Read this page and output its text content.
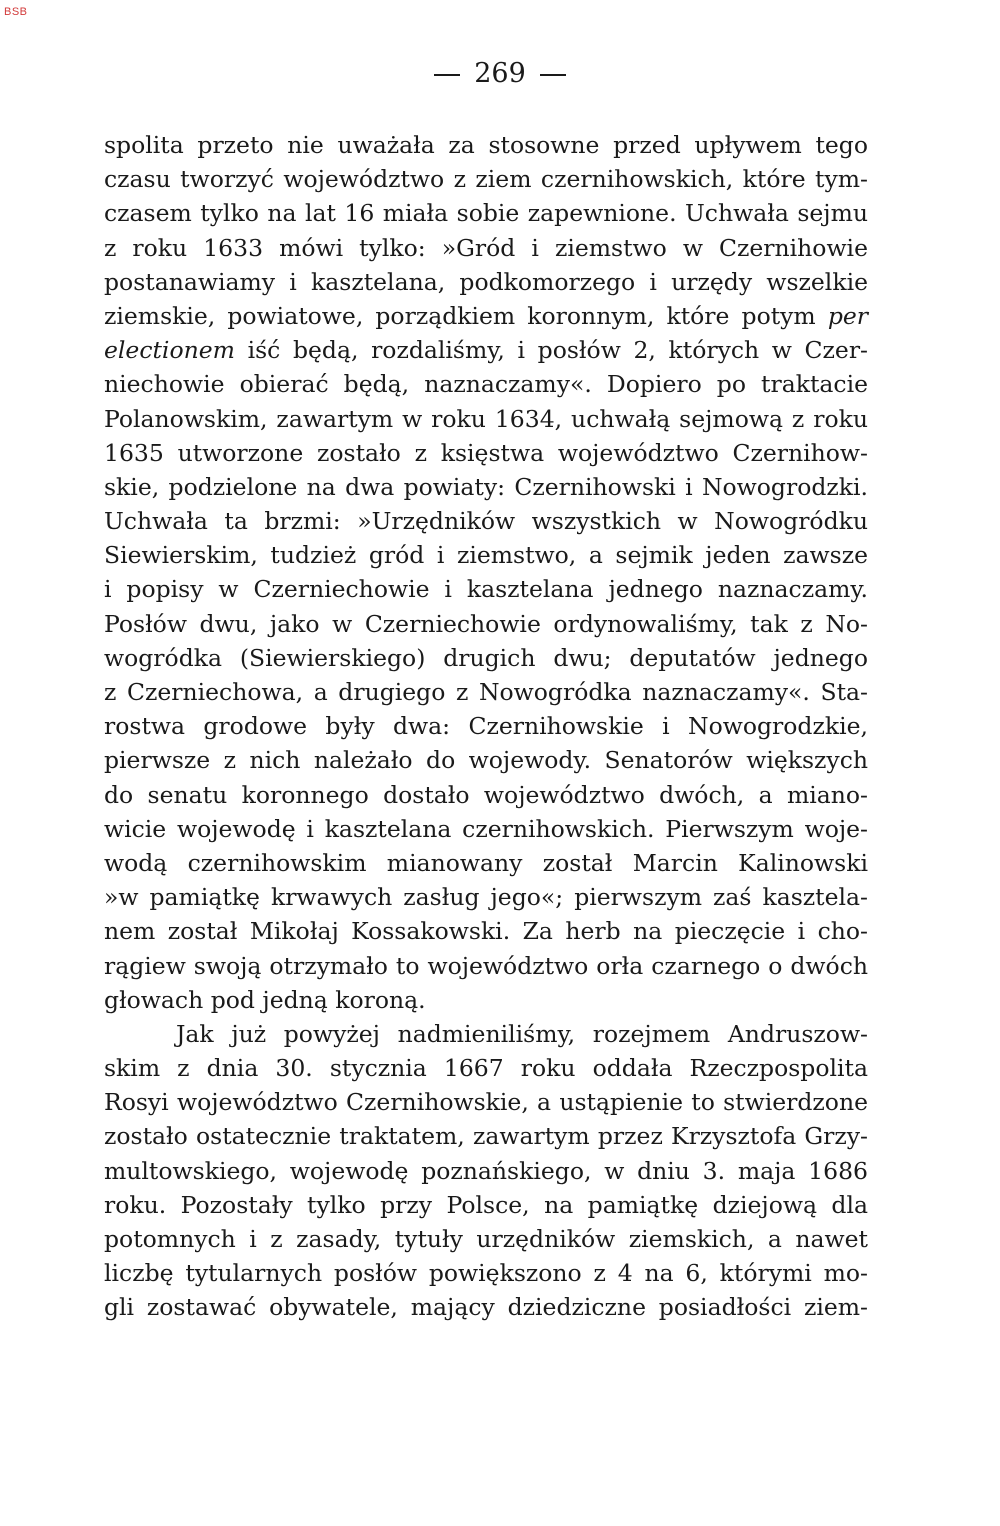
BSB
269
spolita przeto nie uważała za stosowne przed upływem tego
czasu tworzyć województwo z ziem czernihowskich, które tym-
czasem tylko na lat 16 miała sobie zapewnione. Uchwała sejmu
z roku 1633 mówi tylko: »Gród i ziemstwo w Czernihowie
postanawiamy i kasztelana, podkomorzego i urzędy wszelkie
ziemskie, powiatowe, porządkiem koronnym, które potym per
electionem iść będą, rozdaliśmy, i posłów 2, których w Czer-
niechowie obierać będą, naznaczamy«. Dopiero po traktacie
Polanowskim, zawartym w roku 1634, uchwałą sejmową z roku
1635 utworzone zostało z księstwa województwo Czernihow-
skie, podzielone na dwa powiaty: Czernihowski i Nowogrodzki.
Uchwała ta brzmi: »Urzędników wszystkich w Nowogródku
Siewierskim, tudzież gród i ziemstwo, a sejmik jeden zawsze
i popisy w Czerniechowie i kasztelana jednego naznaczamy.
Posłów dwu, jako w Czerniechowie ordynowaliśmy, tak z No-
wogródka (Siewierskiego) drugich dwu; deputatów jednego
z Czerniechowa, a drugiego z Nowogródka naznaczamy«. Sta-
rostwa grodowe były dwa: Czernihowskie i Nowogrodzkie,
pierwsze z nich należało do wojewody. Senatorów większych
do senatu koronnego dostało województwo dwóch, a miano-
wicie wojewodę i kasztelana czernihowskich. Pierwszym woje-
wodą czernihowskim mianowany został Marcin Kalinowski
»w pamiątkę krwawych zasług jego«; pierwszym zaś kasztela-
nem został Mikołaj Kossakowski. Za herb na pieczęcie i cho-
rągiew swoją otrzymało to województwo orła czarnego o dwóch
głowach pod jedną koroną.
Jak już powyżej nadmieniliśmy, rozejmem Andruszow-
skim z dnia 30. stycznia 1667 roku oddała Rzeczpospolita
Rosyi województwo Czernihowskie, a ustąpienie to stwierdzone
zostało ostatecznie traktatem, zawartym przez Krzysztofa Grzy-
multowskiego, wojewodę poznańskiego, w dniu 3. maja 1686
roku. Pozostały tylko przy Polsce, na pamiątkę dziejową dla
potomnych i z zasady, tytuły urzędników ziemskich, a nawet
liczbę tytularnych posłów powiększono z 4 na 6, którymi mo-
gli zostawać obywatele, mający dziedziczne posiadłości ziem-
